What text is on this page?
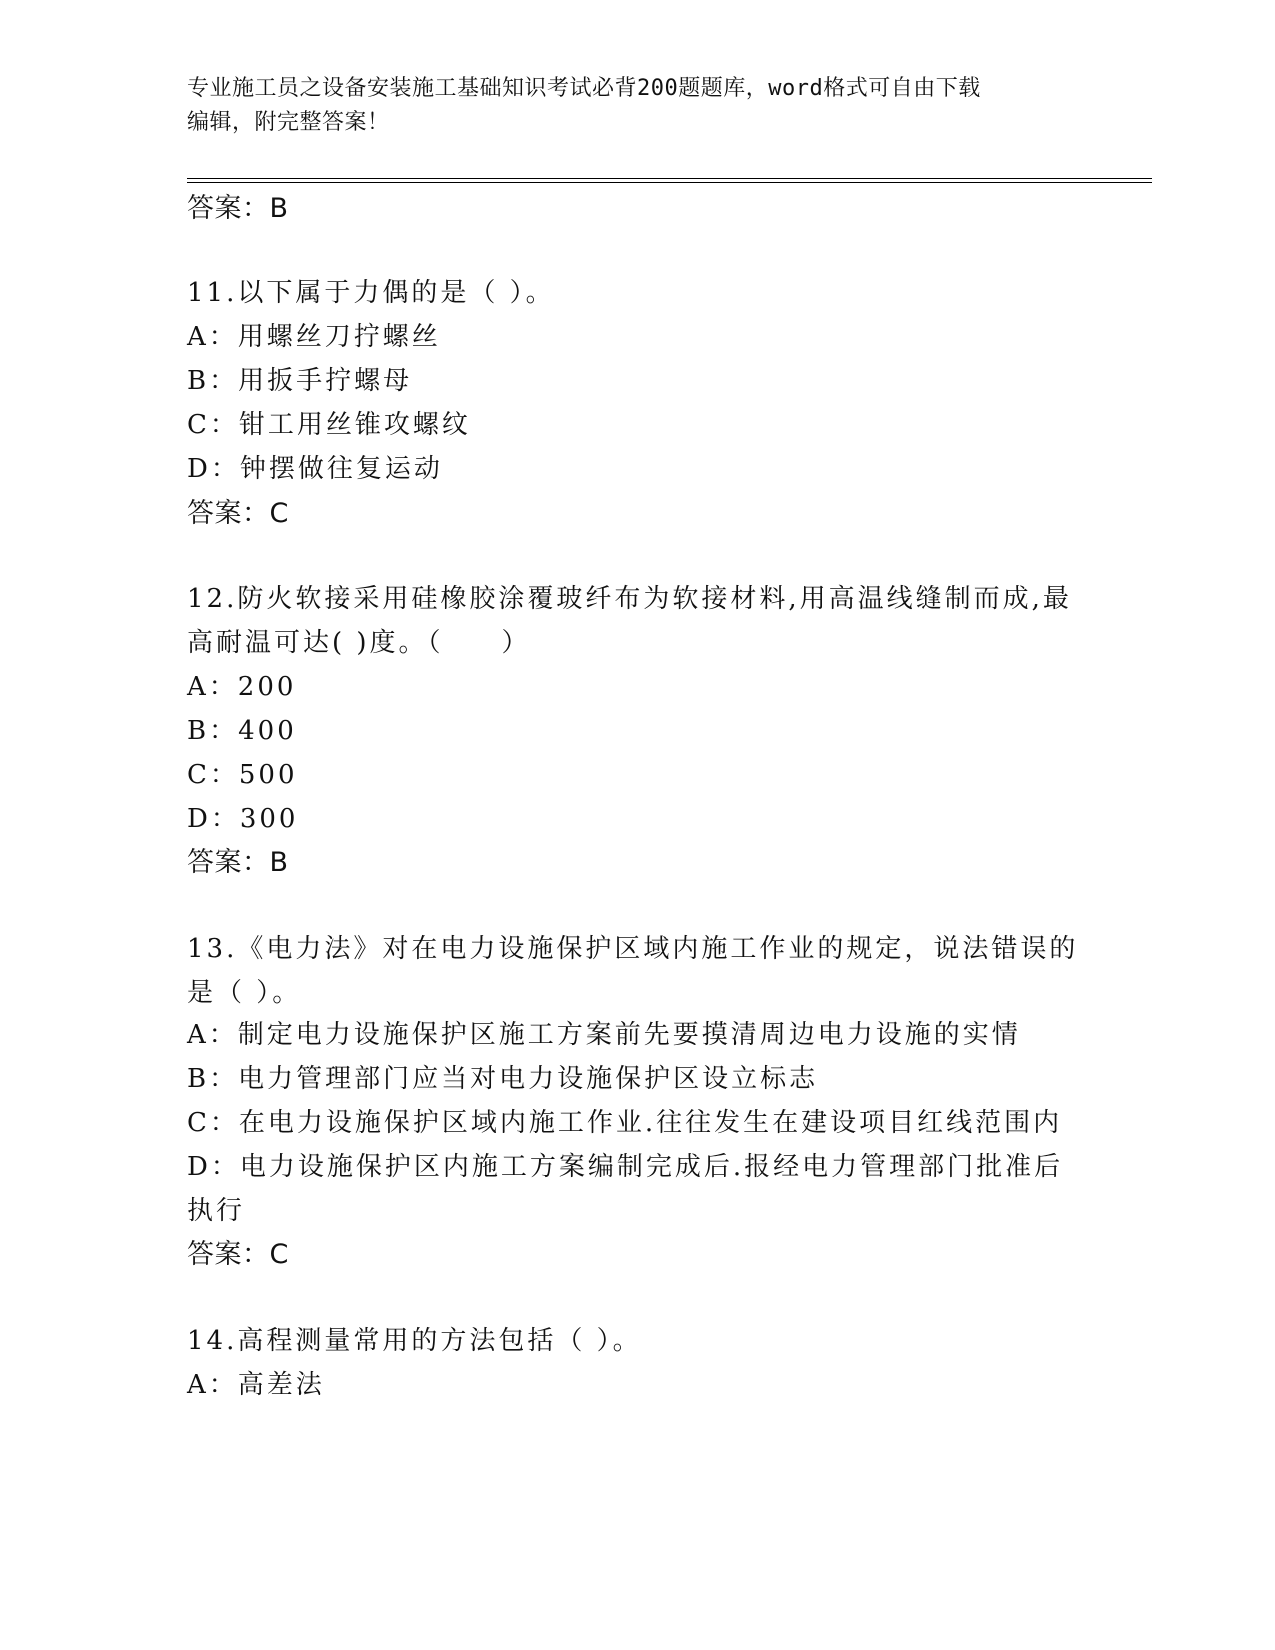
专业施工员之设备安装施工基础知识考试必背200题题库，word格式可自由下载
编辑，附完整答案！
答案：B
11.以下属于力偶的是（ ）。
A：用螺丝刀拧螺丝
B：用扳手拧螺母
C：钳工用丝锥攻螺纹
D：钟摆做往复运动
答案：C
12.防火软接采用硅橡胶涂覆玻纤布为软接材料,用高温线缝制而成,最
高耐温可达( )度。（　　）
A：200
B：400
C：500
D：300
答案：B
13.《电力法》对在电力设施保护区域内施工作业的规定，说法错误的
是（ ）。
A：制定电力设施保护区施工方案前先要摸清周边电力设施的实情
B：电力管理部门应当对电力设施保护区设立标志
C：在电力设施保护区域内施工作业.往往发生在建设项目红线范围内
D：电力设施保护区内施工方案编制完成后.报经电力管理部门批准后
执行
答案：C
14.高程测量常用的方法包括（ ）。
A：高差法
